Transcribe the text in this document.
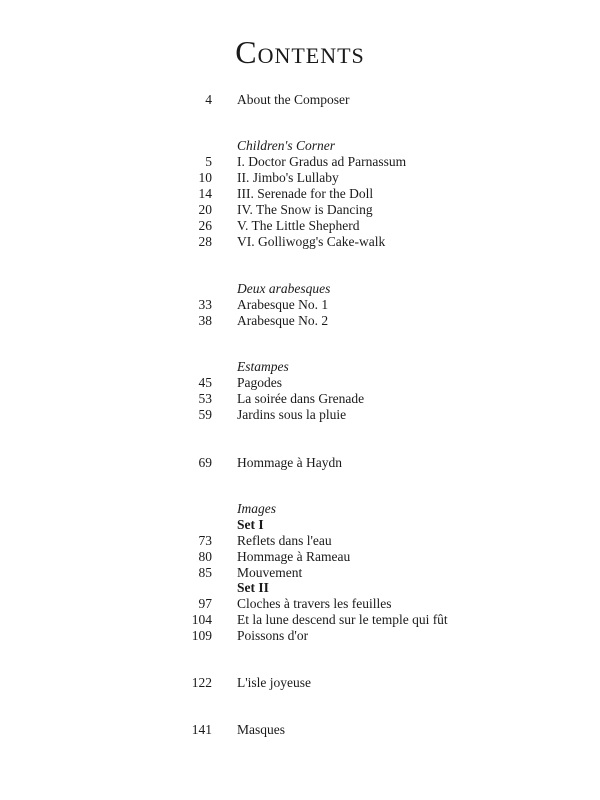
Contents
4 About the Composer
Children's Corner
5 I. Doctor Gradus ad Parnassum
10 II. Jimbo's Lullaby
14 III. Serenade for the Doll
20 IV. The Snow is Dancing
26 V. The Little Shepherd
28 VI. Golliwogg's Cake-walk
Deux arabesques
33 Arabesque No. 1
38 Arabesque No. 2
Estampes
45 Pagodes
53 La soirée dans Grenade
59 Jardins sous la pluie
69 Hommage à Haydn
Images
Set I
73 Reflets dans l'eau
80 Hommage à Rameau
85 Mouvement
Set II
97 Cloches à travers les feuilles
104 Et la lune descend sur le temple qui fût
109 Poissons d'or
122 L'isle joyeuse
141 Masques
